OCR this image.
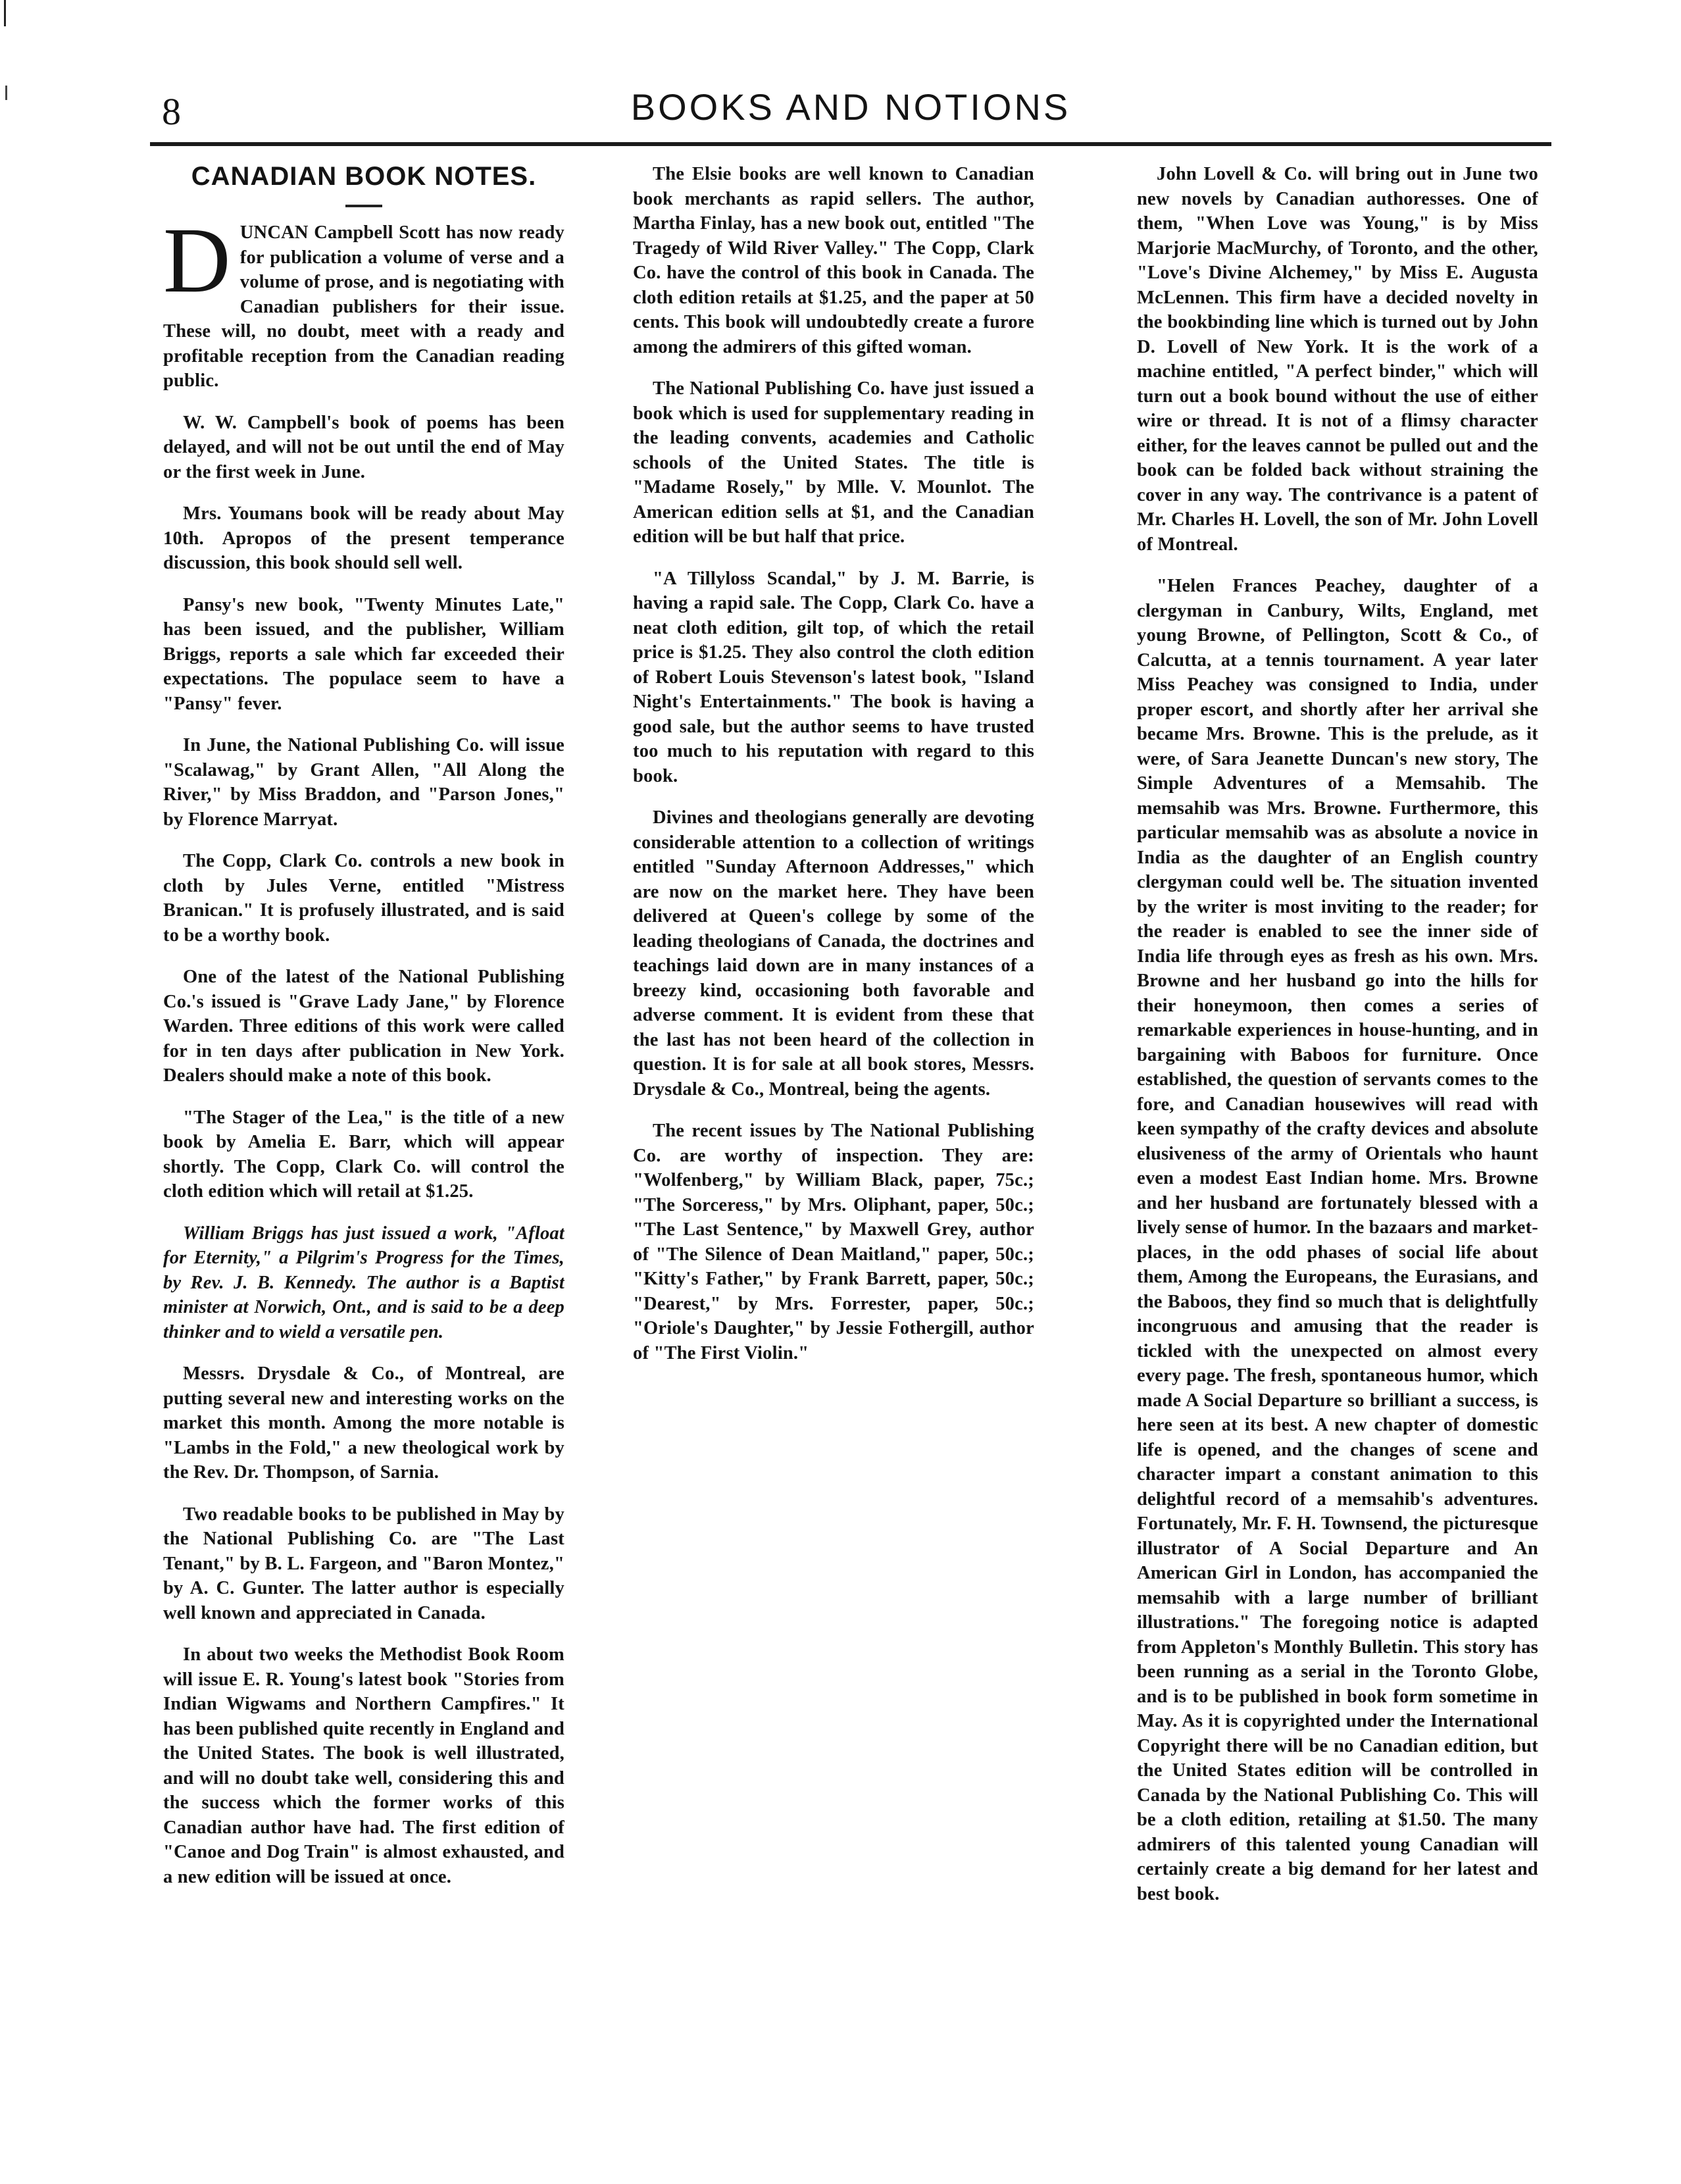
8	BOOKS AND NOTIONS
CANADIAN BOOK NOTES.

DUNCAN Campbell Scott has now ready for publication a volume of verse and a volume of prose, and is negotiating with Canadian publishers for their issue. These will, no doubt, meet with a ready and profitable reception from the Canadian reading public.

W. W. Campbell's book of poems has been delayed, and will not be out until the end of May or the first week in June.

Mrs. Youmans book will be ready about May 10th. Apropos of the present temperance discussion, this book should sell well.

Pansy's new book, "Twenty Minutes Late," has been issued, and the publisher, William Briggs, reports a sale which far exceeded their expectations. The populace seem to have a "Pansy" fever.

In June, the National Publishing Co. will issue "Scalawag," by Grant Allen, "All Along the River," by Miss Braddon, and "Parson Jones," by Florence Marryat.

The Copp, Clark Co. controls a new book in cloth by Jules Verne, entitled "Mistress Branican." It is profusely illustrated, and is said to be a worthy book.

One of the latest of the National Publishing Co.'s issued is "Grave Lady Jane," by Florence Warden. Three editions of this work were called for in ten days after publication in New York. Dealers should make a note of this book.

"The Stager of the Lea," is the title of a new book by Amelia E. Barr, which will appear shortly. The Copp, Clark Co. will control the cloth edition which will retail at $1.25.

William Briggs has just issued a work, "Afloat for Eternity," a Pilgrim's Progress for the Times, by Rev. J. B. Kennedy. The author is a Baptist minister at Norwich, Ont., and is said to be a deep thinker and to wield a versatile pen.

Messrs. Drysdale & Co., of Montreal, are putting several new and interesting works on the market this month. Among the more notable is "Lambs in the Fold," a new theological work by the Rev. Dr. Thompson, of Sarnia.

Two readable books to be published in May by the National Publishing Co. are "The Last Tenant," by B. L. Fargeon, and "Baron Montez," by A. C. Gunter. The latter author is especially well known and appreciated in Canada.

In about two weeks the Methodist Book Room will issue E. R. Young's latest book "Stories from Indian Wigwams and Northern Campfires." It has been published quite recently in England and the United States. The book is well illustrated, and will no doubt take well, considering this and the success which the former works of this Canadian author have had. The first edition of "Canoe and Dog Train" is almost exhausted, and a new edition will be issued at once.

The Elsie books are well known to Canadian book merchants as rapid sellers. The author, Martha Finlay, has a new book out, entitled "The Tragedy of Wild River Valley." The Copp, Clark Co. have the control of this book in Canada. The cloth edition retails at $1.25, and the paper at 50 cents. This book will undoubtedly create a furore among the admirers of this gifted woman.

The National Publishing Co. have just issued a book which is used for supplementary reading in the leading convents, academies and Catholic schools of the United States. The title is "Madame Rosely," by Mlle. V. Mounlot. The American edition sells at $1, and the Canadian edition will be but half that price.

"A Tillyloss Scandal," by J. M. Barrie, is having a rapid sale. The Copp, Clark Co. have a neat cloth edition, gilt top, of which the retail price is $1.25. They also control the cloth edition of Robert Louis Stevenson's latest book, "Island Night's Entertainments." The book is having a good sale, but the author seems to have trusted too much to his reputation with regard to this book.

Divines and theologians generally are devoting considerable attention to a collection of writings entitled "Sunday Afternoon Addresses," which are now on the market here. They have been delivered at Queen's college by some of the leading theologians of Canada, the doctrines and teachings laid down are in many instances of a breezy kind, occasioning both favorable and adverse comment. It is evident from these that the last has not been heard of the collection in question. It is for sale at all book stores, Messrs. Drysdale & Co., Montreal, being the agents.

The recent issues by The National Publishing Co. are worthy of inspection. They are: "Wolfenberg," by William Black, paper, 75c.; "The Sorceress," by Mrs. Oliphant, paper, 50c.; "The Last Sentence," by Maxwell Grey, author of "The Silence of Dean Maitland," paper, 50c.; "Kitty's Father," by Frank Barrett, paper, 50c.; "Dearest," by Mrs. Forrester, paper, 50c.; "Oriole's Daughter," by Jessie Fothergill, author of "The First Violin."

John Lovell & Co. will bring out in June two new novels by Canadian authoresses. One of them, "When Love was Young," is by Miss Marjorie MacMurchy, of Toronto, and the other, "Love's Divine Alchemey," by Miss E. Augusta McLennen. This firm have a decided novelty in the bookbinding line which is turned out by John D. Lovell of New York. It is the work of a machine entitled, "A perfect binder," which will turn out a book bound without the use of either wire or thread. It is not of a flimsy character either, for the leaves cannot be pulled out and the book can be folded back without straining the cover in any way. The contrivance is a patent of Mr. Charles H. Lovell, the son of Mr. John Lovell of Montreal.

"Helen Frances Peachey, daughter of a clergyman in Canbury, Wilts, England, met young Browne, of Pellington, Scott & Co., of Calcutta, at a tennis tournament. A year later Miss Peachey was consigned to India, under proper escort, and shortly after her arrival she became Mrs. Browne. This is the prelude, as it were, of Sara Jeanette Duncan's new story, The Simple Adventures of a Memsahib. The memsahib was Mrs. Browne. Furthermore, this particular memsahib was as absolute a novice in India as the daughter of an English country clergyman could well be. The situation invented by the writer is most inviting to the reader; for the reader is enabled to see the inner side of India life through eyes as fresh as his own. Mrs. Browne and her husband go into the hills for their honeymoon, then comes a series of remarkable experiences in house-hunting, and in bargaining with Baboos for furniture. Once established, the question of servants comes to the fore, and Canadian housewives will read with keen sympathy of the crafty devices and absolute elusiveness of the army of Orientals who haunt even a modest East Indian home. Mrs. Browne and her husband are fortunately blessed with a lively sense of humor. In the bazaars and market-places, in the odd phases of social life about them, Among the Europeans, the Eurasians, and the Baboos, they find so much that is delightfully incongruous and amusing that the reader is tickled with the unexpected on almost every every page. The fresh, spontaneous humor, which made A Social Departure so brilliant a success, is here seen at its best. A new chapter of domestic life is opened, and the changes of scene and character impart a constant animation to this delightful record of a memsahib's adventures. Fortunately, Mr. F. H. Townsend, the picturesque illustrator of A Social Departure and An American Girl in London, has accompanied the memsahib with a large number of brilliant illustrations." The foregoing notice is adapted from Appleton's Monthly Bulletin. This story has been running as a serial in the Toronto Globe, and is to be published in book form sometime in May. As it is copyrighted under the International Copyright there will be no Canadian edition, but the United States edition will be controlled in Canada by the National Publishing Co. This will be a cloth edition, retailing at $1.50. The many admirers of this talented young Canadian will certainly create a big demand for her latest and best book.
